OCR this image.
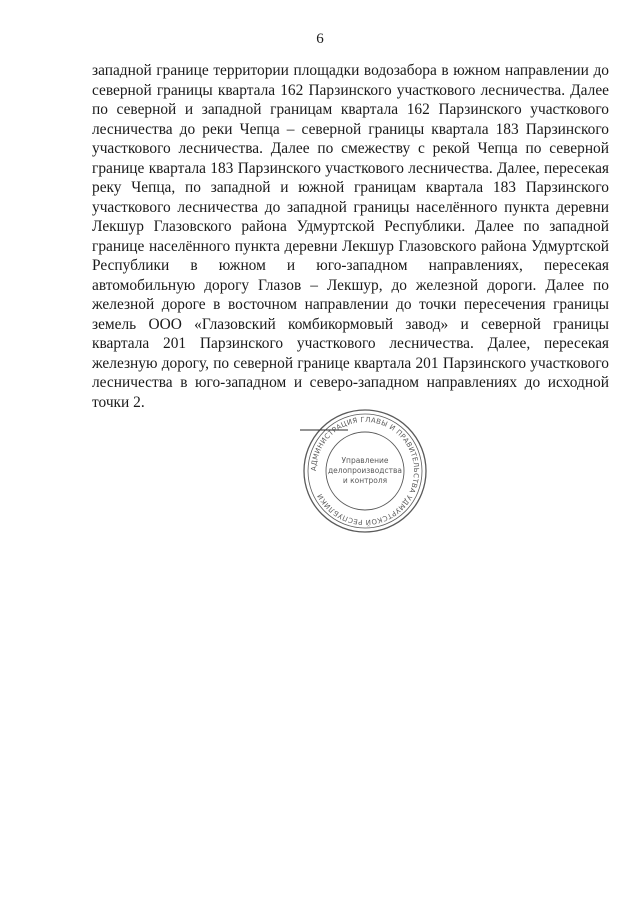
6

западной границе территории площадки водозабора в южном направлении до северной границы квартала 162 Парзинского участкового лесничества. Далее по северной и западной границам квартала 162 Парзинского участкового лесничества до реки Чепца – северной границы квартала 183 Парзинского участкового лесничества. Далее по смежеству с рекой Чепца по северной границе квартала 183 Парзинского участкового лесничества. Далее, пересекая реку Чепца, по западной и южной границам квартала 183 Парзинского участкового лесничества до западной границы населённого пункта деревни Лекшур Глазовского района Удмуртской Республики. Далее по западной границе населённого пункта деревни Лекшур Глазовского района Удмуртской Республики в южном и юго-западном направлениях, пересекая автомобильную дорогу Глазов – Лекшур, до железной дороги. Далее по железной дороге в восточном направлении до точки пересечения границы земель ООО «Глазовский комбикормовый завод» и северной границы квартала 201 Парзинского участкового лесничества. Далее, пересекая железную дорогу, по северной границе квартала 201 Парзинского участкового лесничества в юго-западном и северо-западном направлениях до исходной точки 2.

АДМИНИСТРАЦИЯ ГЛАВЫ И ПРАВИТЕЛЬСТВА УДМУРТСКОЙ РЕСПУБЛИКИ
Управление
делопроизводства
и контроля
